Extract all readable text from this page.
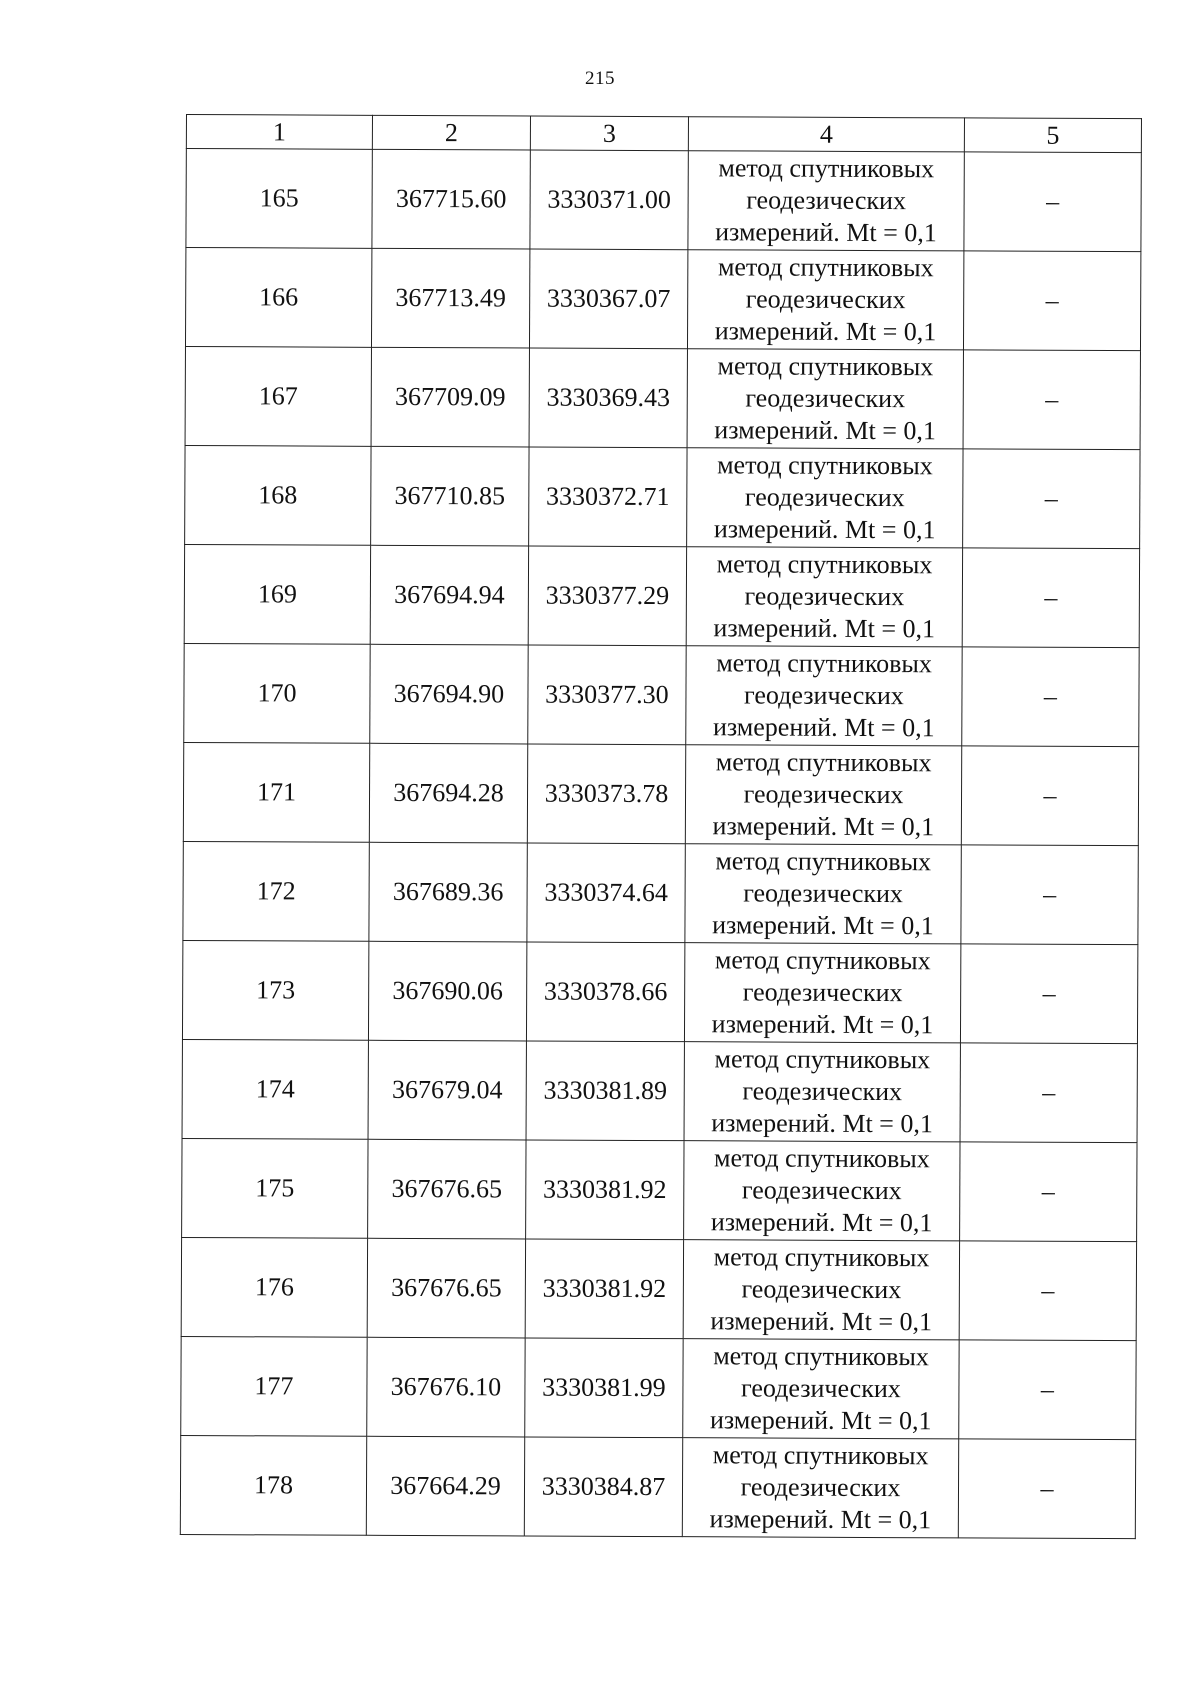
215
1	2	3	4	5
165	367715.60	3330371.00	метод спутниковых
геодезических
измерений. Mt = 0,1	–
166	367713.49	3330367.07	метод спутниковых
геодезических
измерений. Mt = 0,1	–
167	367709.09	3330369.43	метод спутниковых
геодезических
измерений. Mt = 0,1	–
168	367710.85	3330372.71	метод спутниковых
геодезических
измерений. Mt = 0,1	–
169	367694.94	3330377.29	метод спутниковых
геодезических
измерений. Mt = 0,1	–
170	367694.90	3330377.30	метод спутниковых
геодезических
измерений. Mt = 0,1	–
171	367694.28	3330373.78	метод спутниковых
геодезических
измерений. Mt = 0,1	–
172	367689.36	3330374.64	метод спутниковых
геодезических
измерений. Mt = 0,1	–
173	367690.06	3330378.66	метод спутниковых
геодезических
измерений. Mt = 0,1	–
174	367679.04	3330381.89	метод спутниковых
геодезических
измерений. Mt = 0,1	–
175	367676.65	3330381.92	метод спутниковых
геодезических
измерений. Mt = 0,1	–
176	367676.65	3330381.92	метод спутниковых
геодезических
измерений. Mt = 0,1	–
177	367676.10	3330381.99	метод спутниковых
геодезических
измерений. Mt = 0,1	–
178	367664.29	3330384.87	метод спутниковых
геодезических
измерений. Mt = 0,1	–
